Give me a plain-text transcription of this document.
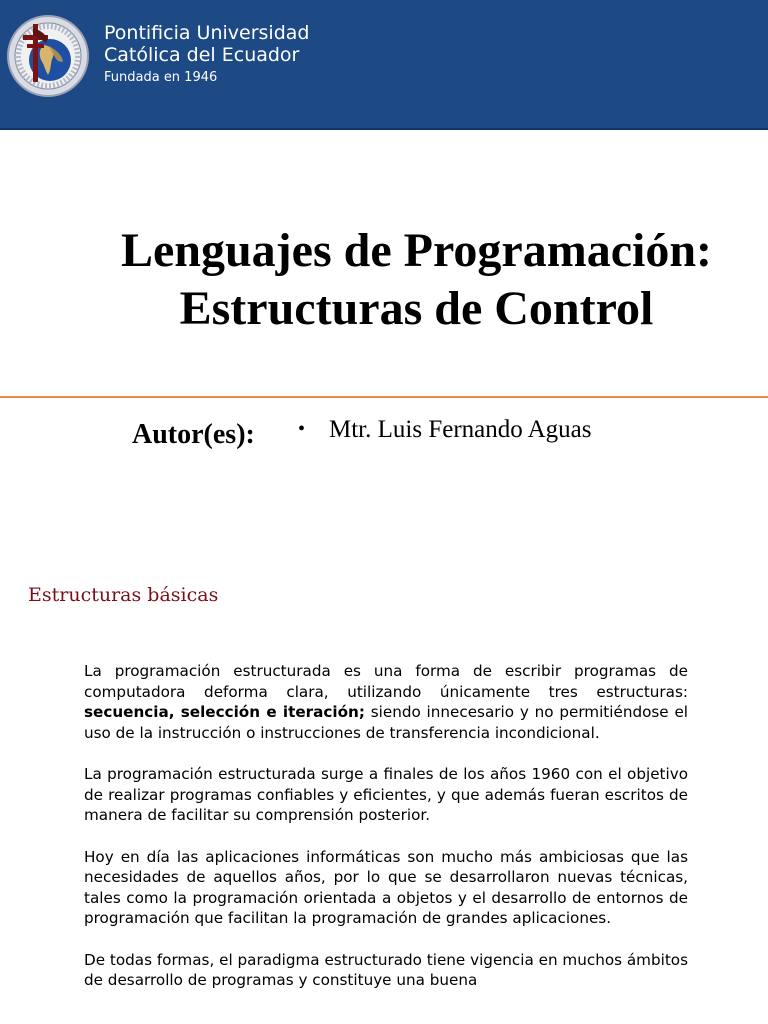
Pontificia Universidad
Católica del Ecuador
Fundada en 1946
Lenguajes de Programación:
Estructuras de Control
Autor(es): • Mtr. Luis Fernando Aguas
Estructuras básicas

La programación estructurada es una forma de escribir programas de computadora deforma clara, utilizando únicamente tres estructuras: secuencia, selección e iteración; siendo innecesario y no permitiéndose el uso de la instrucción o instrucciones de transferencia incondicional.

La programación estructurada surge a finales de los años 1960 con el objetivo de realizar programas confiables y eficientes, y que además fueran escritos de manera de facilitar su comprensión posterior.

Hoy en día las aplicaciones informáticas son mucho más ambiciosas que las necesidades de aquellos años, por lo que se desarrollaron nuevas técnicas, tales como la programación orientada a objetos y el desarrollo de entornos de programación que facilitan la programación de grandes aplicaciones.

De todas formas, el paradigma estructurado tiene vigencia en muchos ámbitos de desarrollo de programas y constituye una buena
